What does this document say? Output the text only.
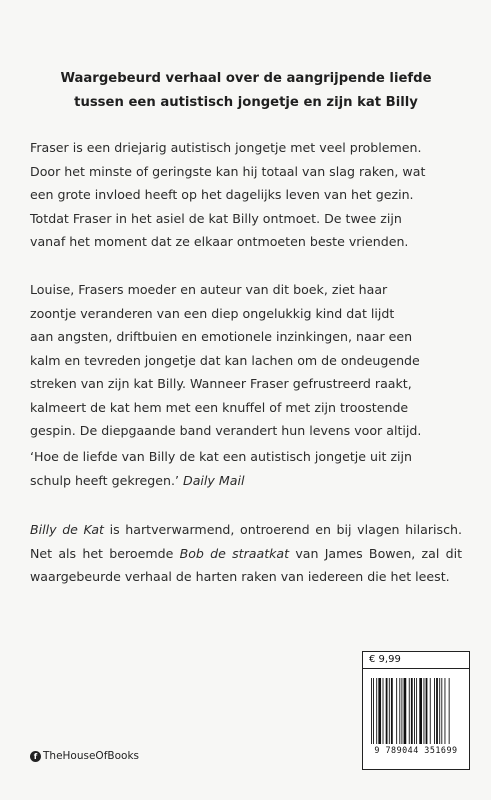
Waargebeurd verhaal over de aangrijpende liefde
tussen een autistisch jongetje en zijn kat Billy
Fraser is een driejarig autistisch jongetje met veel problemen.
Door het minste of geringste kan hij totaal van slag raken, wat
een grote invloed heeft op het dagelijks leven van het gezin.
Totdat Fraser in het asiel de kat Billy ontmoet. De twee zijn
vanaf het moment dat ze elkaar ontmoeten beste vrienden.
Louise, Frasers moeder en auteur van dit boek, ziet haar
zoontje veranderen van een diep ongelukkig kind dat lijdt
aan angsten, driftbuien en emotionele inzinkingen, naar een
kalm en tevreden jongetje dat kan lachen om de ondeugende
streken van zijn kat Billy. Wanneer Fraser gefrustreerd raakt,
kalmeert de kat hem met een knuffel of met zijn troostende
gespin. De diepgaande band verandert hun levens voor altijd.
‘Hoe de liefde van Billy de kat een autistisch jongetje uit zijn
schulp heeft gekregen.’ Daily Mail

Billy de Kat is hartverwarmend, ontroerend en bij vlagen hilarisch. Net als het beroemde Bob de straatkat van James Bowen, zal dit waargebeurde verhaal de harten raken van iedereen die het leest.

f TheHouseOfBooks
€ 9,99
9 789044 351699
